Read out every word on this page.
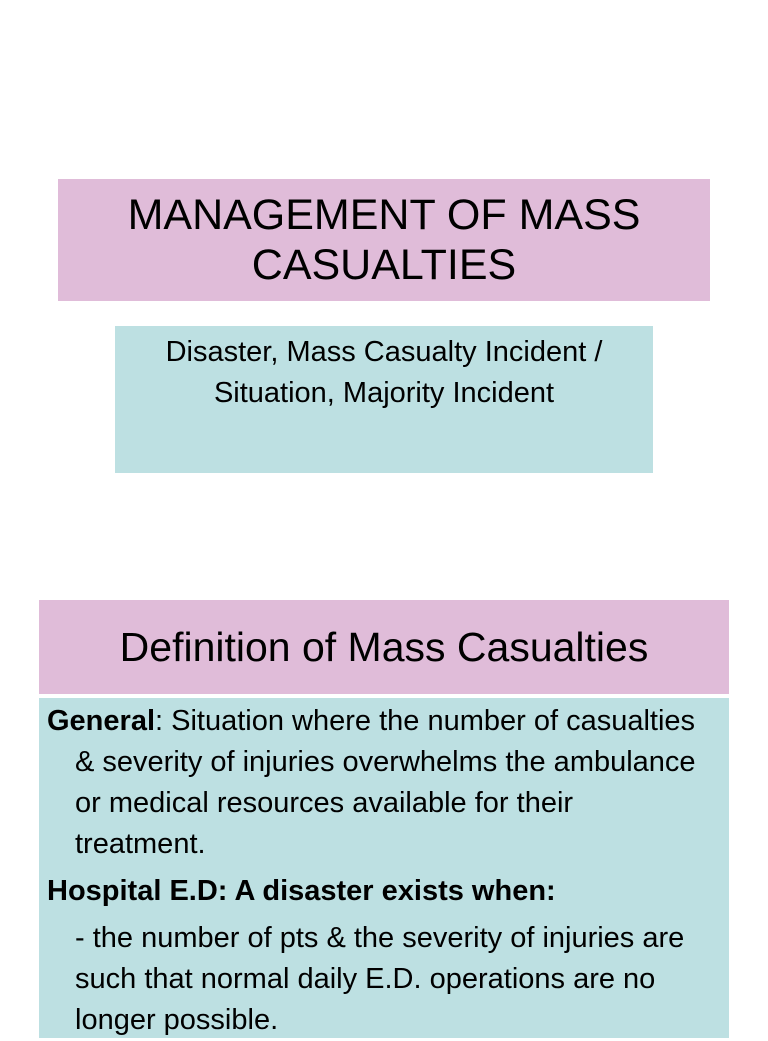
MANAGEMENT OF MASS CASUALTIES
Disaster, Mass Casualty Incident / Situation, Majority Incident
Definition of Mass Casualties

General: Situation where the number of casualties & severity of injuries overwhelms the ambulance or medical resources available for their treatment.

Hospital E.D: A disaster exists when:

- the number of pts & the severity of injuries are such that normal daily E.D. operations are no longer possible.
